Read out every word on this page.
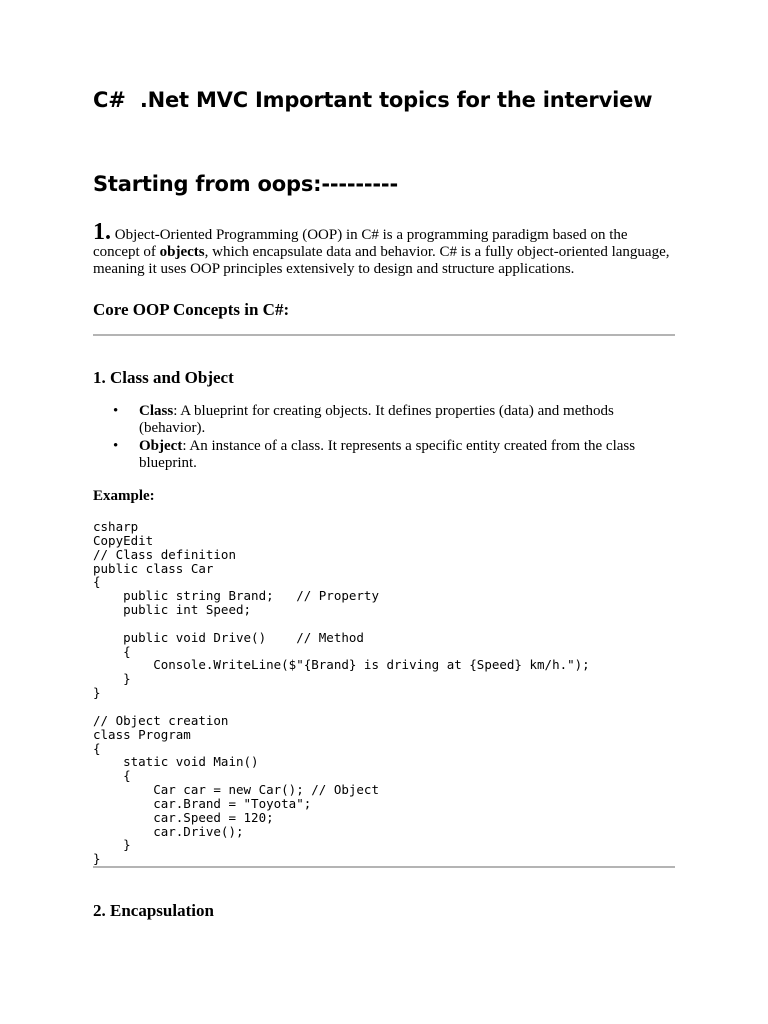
C#  .Net MVC Important topics for the interview
Starting from oops:---------

1. Object-Oriented Programming (OOP) in C# is a programming paradigm based on the concept of objects, which encapsulate data and behavior. C# is a fully object-oriented language, meaning it uses OOP principles extensively to design and structure applications.

Core OOP Concepts in C#:
1. Class and Object
• Class: A blueprint for creating objects. It defines properties (data) and methods (behavior).
• Object: An instance of a class. It represents a specific entity created from the class blueprint.

Example:

csharp
CopyEdit
// Class definition
public class Car
{
public string Brand;   // Property
public int Speed;

public void Drive()    // Method
{
Console.WriteLine($"{Brand} is driving at {Speed} km/h.");
}
}

// Object creation
class Program
{
static void Main()
{
Car car = new Car(); // Object
car.Brand = "Toyota";
car.Speed = 120;
car.Drive();
}
}
2. Encapsulation
